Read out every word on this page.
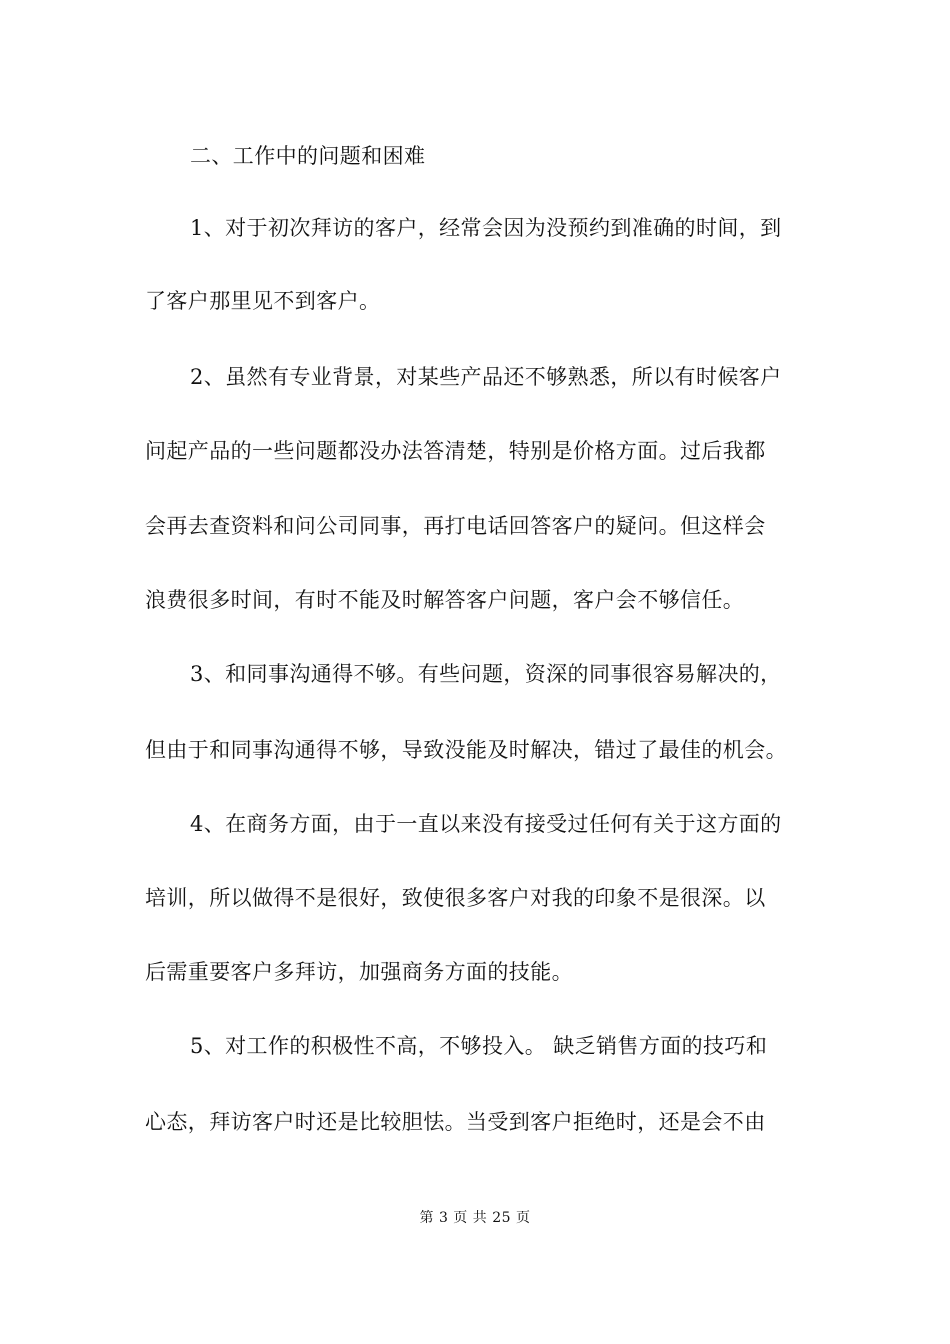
二、工作中的问题和困难
1、对于初次拜访的客户，经常会因为没预约到准确的时间，到
了客户那里见不到客户。
2、虽然有专业背景，对某些产品还不够熟悉，所以有时候客户
问起产品的一些问题都没办法答清楚，特别是价格方面。过后我都
会再去查资料和问公司同事，再打电话回答客户的疑问。但这样会
浪费很多时间，有时不能及时解答客户问题，客户会不够信任。
3、和同事沟通得不够。有些问题，资深的同事很容易解决的，
但由于和同事沟通得不够，导致没能及时解决，错过了最佳的机会。
4、在商务方面，由于一直以来没有接受过任何有关于这方面的
培训，所以做得不是很好，致使很多客户对我的印象不是很深。以
后需重要客户多拜访，加强商务方面的技能。
5、对工作的积极性不高，不够投入。 缺乏销售方面的技巧和
心态，拜访客户时还是比较胆怯。当受到客户拒绝时，还是会不由
第 3 页 共 25 页
